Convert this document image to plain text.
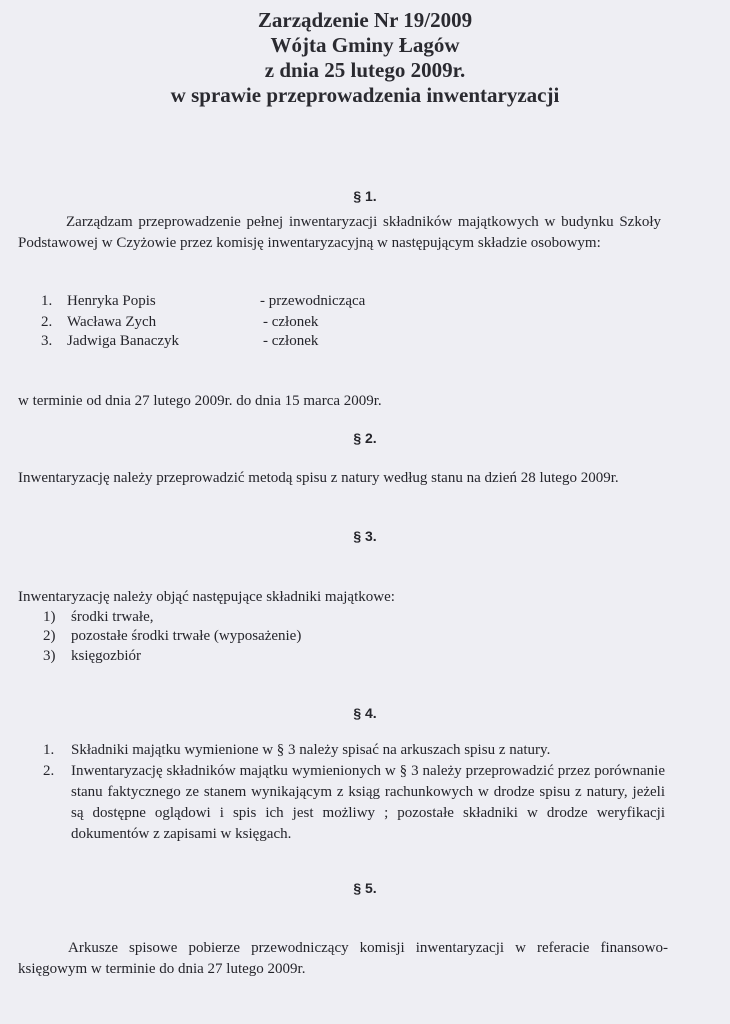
Zarządzenie Nr 19/2009
Wójta Gminy Łagów
z dnia 25 lutego 2009r.
w sprawie przeprowadzenia inwentaryzacji
§ 1.
Zarządzam przeprowadzenie pełnej inwentaryzacji składników majątkowych w budynku Szkoły Podstawowej w Czyżowie przez komisję inwentaryzacyjną w następującym składzie osobowym:
1. Henryka Popis	- przewodnicząca
2. Wacława Zych	- członek
3. Jadwiga Banaczyk	- członek
w terminie od dnia 27 lutego 2009r. do dnia 15 marca 2009r.
§ 2.
Inwentaryzację należy przeprowadzić metodą spisu z natury według stanu na dzień 28 lutego 2009r.
§ 3.
Inwentaryzację należy objąć następujące składniki majątkowe:
1) środki trwałe,
2) pozostałe środki trwałe (wyposażenie)
3) księgozbiór
§ 4.
1. Składniki majątku wymienione w § 3 należy spisać na arkuszach spisu z natury.
2. Inwentaryzację składników majątku wymienionych w § 3 należy przeprowadzić przez porównanie stanu faktycznego ze stanem wynikającym z ksiąg rachunkowych w drodze spisu z natury, jeżeli są dostępne oglądowi i spis ich jest możliwy ; pozostałe składniki w drodze weryfikacji dokumentów z zapisami w księgach.
§ 5.
Arkusze spisowe pobierze przewodniczący komisji inwentaryzacji w referacie finansowo-księgowym w terminie do dnia 27 lutego 2009r.
